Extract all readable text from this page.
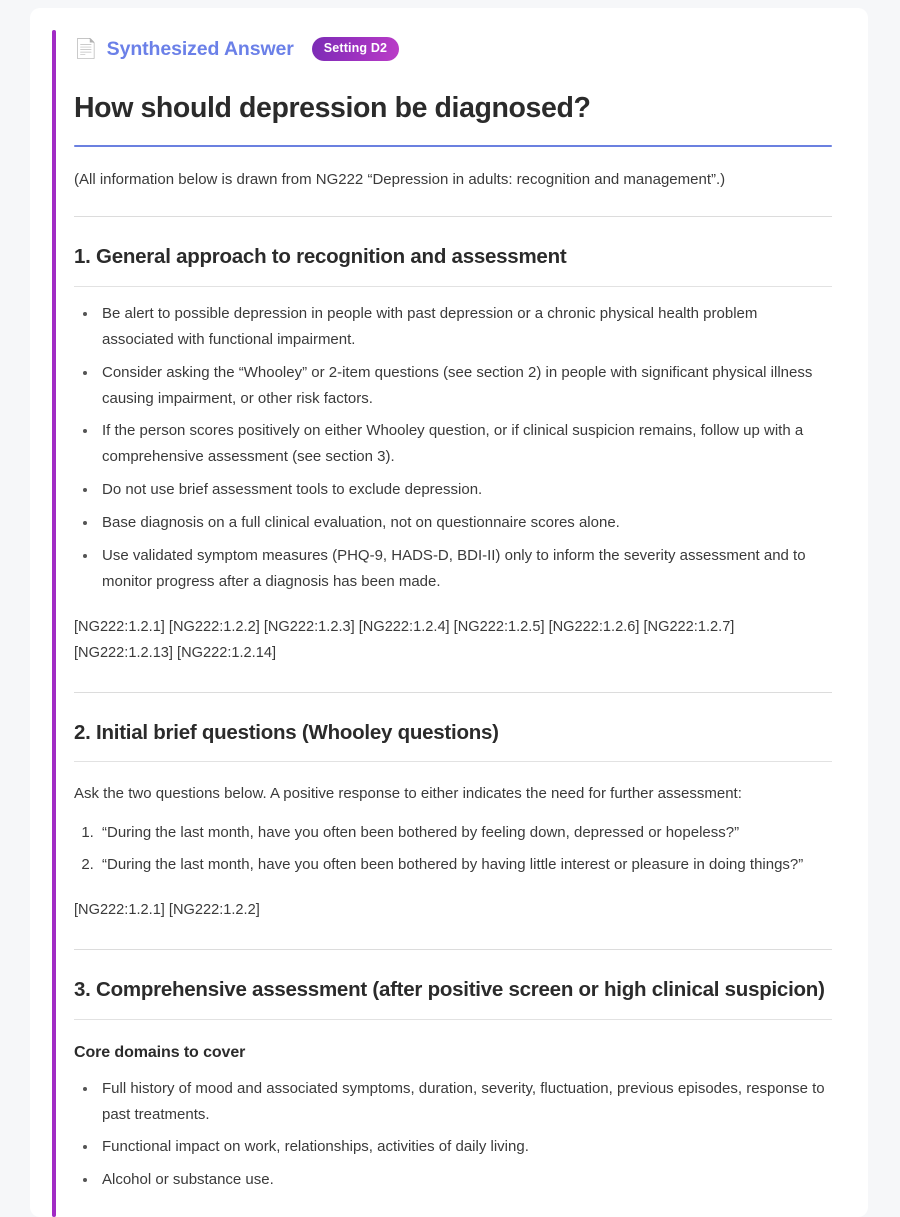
📄 Synthesized Answer	Setting D2
How should depression be diagnosed?

(All information below is drawn from NG222 “Depression in adults: recognition and management”.)

1. General approach to recognition and assessment
• Be alert to possible depression in people with past depression or a chronic physical health problem associated with functional impairment.
• Consider asking the “Whooley” or 2-item questions (see section 2) in people with significant physical illness causing impairment, or other risk factors.
• If the person scores positively on either Whooley question, or if clinical suspicion remains, follow up with a comprehensive assessment (see section 3).
• Do not use brief assessment tools to exclude depression.
• Base diagnosis on a full clinical evaluation, not on questionnaire scores alone.
• Use validated symptom measures (PHQ-9, HADS-D, BDI-II) only to inform the severity assessment and to monitor progress after a diagnosis has been made.

[NG222:1.2.1] [NG222:1.2.2] [NG222:1.2.3] [NG222:1.2.4] [NG222:1.2.5] [NG222:1.2.6] [NG222:1.2.7] [NG222:1.2.13] [NG222:1.2.14]

2. Initial brief questions (Whooley questions)

Ask the two questions below. A positive response to either indicates the need for further assessment:

1. “During the last month, have you often been bothered by feeling down, depressed or hopeless?”
2. “During the last month, have you often been bothered by having little interest or pleasure in doing things?”

[NG222:1.2.1] [NG222:1.2.2]

3. Comprehensive assessment (after positive screen or high clinical suspicion)
Core domains to cover
• Full history of mood and associated symptoms, duration, severity, fluctuation, previous episodes, response to past treatments.
• Functional impact on work, relationships, activities of daily living.
• Alcohol or substance use.
